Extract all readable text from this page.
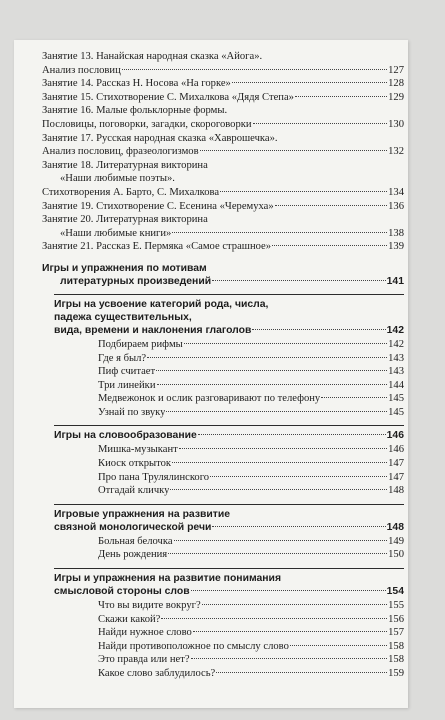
Занятие 13. Нанайская народная сказка «Айога».
Анализ пословиц	127
Занятие 14. Рассказ Н. Носова «На горке»	128
Занятие 15. Стихотворение С. Михалкова «Дядя Степа»	129
Занятие 16. Малые фольклорные формы.
Пословицы, поговорки, загадки, скороговорки	130
Занятие 17. Русская народная сказка «Хаврошечка».
Анализ пословиц, фразеологизмов	132
Занятие 18. Литературная викторина
«Наши любимые поэты».
Стихотворения А. Барто, С. Михалкова	134
Занятие 19. Стихотворение С. Есенина «Черемуха»	136
Занятие 20. Литературная викторина
«Наши любимые книги»	138
Занятие 21. Рассказ Е. Пермяка «Самое страшное»	139
Игры и упражнения по мотивам
литературных произведений	141
Игры на усвоение категорий рода, числа,
падежа существительных,
вида, времени и наклонения глаголов	142
Подбираем рифмы	142
Где я был?	143
Пиф считает	143
Три линейки	144
Медвежонок и ослик разговаривают по телефону	145
Узнай по звуку	145
Игры на словообразование	146
Мишка-музыкант	146
Киоск открыток	147
Про пана Трулялинского	147
Отгадай кличку	148
Игровые упражнения на развитие
связной монологической речи	148
Больная белочка	149
День рождения	150
Игры и упражнения на развитие понимания
смысловой стороны слов	154
Что вы видите вокруг?	155
Скажи какой?	156
Найди нужное слово	157
Найди противоположное по смыслу слово	158
Это правда или нет?	158
Какое слово заблудилось?	159
